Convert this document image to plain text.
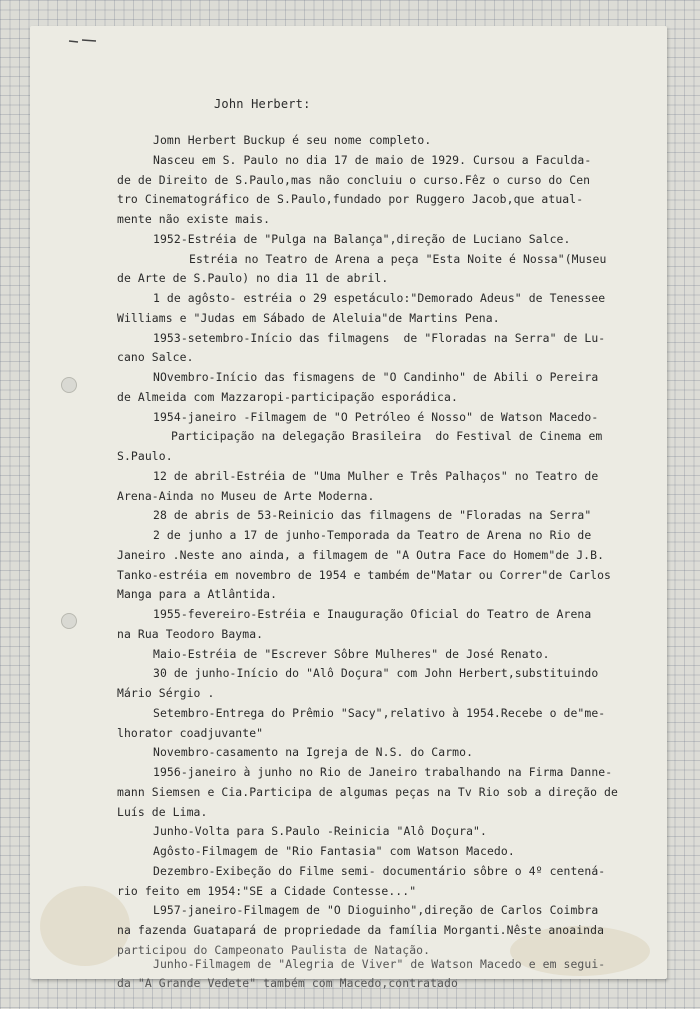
John Herbert:
Jomn Herbert Buckup é seu nome completo.
Nasceu em S. Paulo no dia 17 de maio de 1929. Cursou a Faculda-
de de Direito de S.Paulo,mas não concluiu o curso.Fêz o curso do Cen
tro Cinematográfico de S.Paulo,fundado por Ruggero Jacob,que atual-
mente não existe mais.
1952-Estréia de "Pulga na Balança",direção de Luciano Salce.
Estréia no Teatro de Arena a peça "Esta Noite é Nossa"(Museu
de Arte de S.Paulo) no dia 11 de abril.
1 de agôsto- estréia o 29 espetáculo:"Demorado Adeus" de Tenessee
Williams e "Judas em Sábado de Aleluia"de Martins Pena.
1953-setembro-Início das filmagens  de "Floradas na Serra" de Lu-
cano Salce.
NOvembro-Início das fismagens de "O Candinho" de Abili o Pereira
de Almeida com Mazzaropi-participação esporádica.
1954-janeiro -Filmagem de "O Petróleo é Nosso" de Watson Macedo-
Participação na delegação Brasileira  do Festival de Cinema em
S.Paulo.
12 de abril-Estréia de "Uma Mulher e Três Palhaços" no Teatro de
Arena-Ainda no Museu de Arte Moderna.
28 de abris de 53-Reinicio das filmagens de "Floradas na Serra"
2 de junho a 17 de junho-Temporada da Teatro de Arena no Rio de
Janeiro .Neste ano ainda, a filmagem de "A Outra Face do Homem"de J.B.
Tanko-estréia em novembro de 1954 e também de"Matar ou Correr"de Carlos
Manga para a Atlântida.
1955-fevereiro-Estréia e Inauguração Oficial do Teatro de Arena
na Rua Teodoro Bayma.
Maio-Estréia de "Escrever Sôbre Mulheres" de José Renato.
30 de junho-Início do "Alô Doçura" com John Herbert,substituindo
Mário Sérgio .
Setembro-Entrega do Prêmio "Sacy",relativo à 1954.Recebe o de"me-
lhorator coadjuvante"
Novembro-casamento na Igreja de N.S. do Carmo.
1956-janeiro à junho no Rio de Janeiro trabalhando na Firma Danne-
mann Siemsen e Cia.Participa de algumas peças na Tv Rio sob a direção de
Luís de Lima.
Junho-Volta para S.Paulo -Reinicia "Alô Doçura".
Agôsto-Filmagem de "Rio Fantasia" com Watson Macedo.
Dezembro-Exibeção do Filme semi- documentário sôbre o 4º centená-
rio feito em 1954:"SE a Cidade Contesse..."
L957-janeiro-Filmagem de "O Dioguinho",direção de Carlos Coimbra
na fazenda Guatapará de propriedade da família Morganti.Nêste anoainda
participou do Campeonato Paulista de Natação.
Junho-Filmagem de "Alegria de Viver" de Watson Macedo e em segui-
da "A Grande Vedete" também com Macedo,contratado
